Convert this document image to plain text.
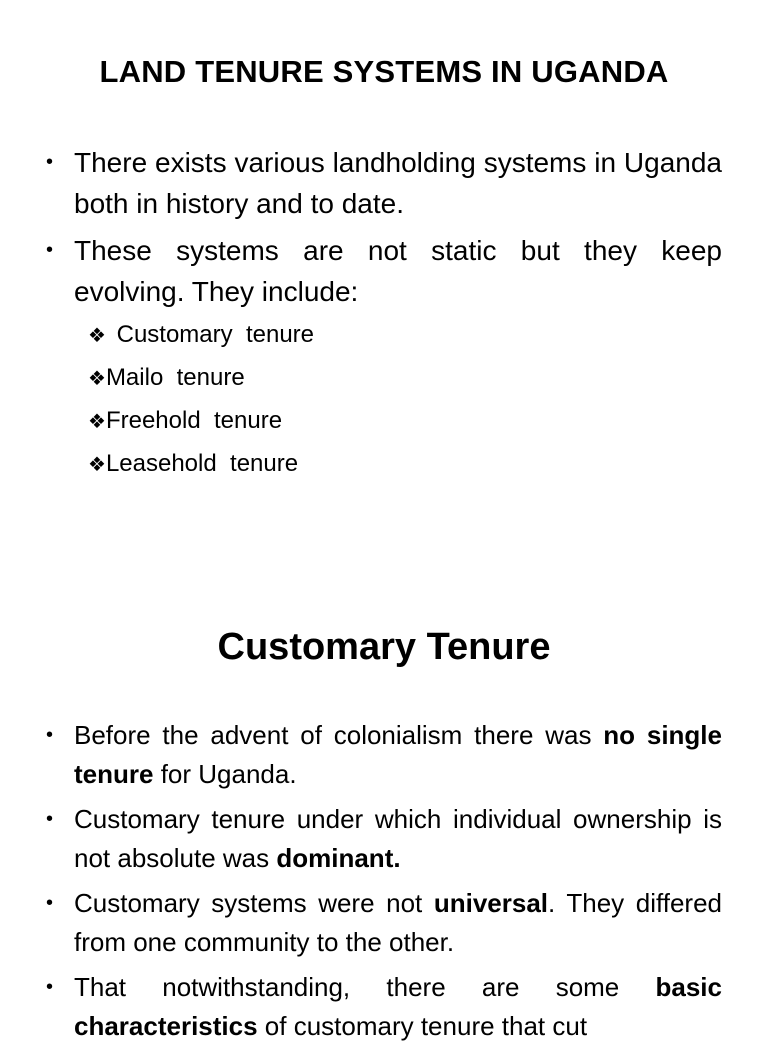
LAND TENURE SYSTEMS IN UGANDA
• There exists various landholding systems in Uganda both in history and to date.
• These systems are not static but they keep evolving. They include:
❖ Customary  tenure
❖Mailo  tenure
❖Freehold  tenure
❖Leasehold  tenure
Customary Tenure
• Before the advent of colonialism there was no single tenure for Uganda.
• Customary tenure under which individual ownership is not absolute was dominant.
• Customary systems were not universal. They differed from one community to the other.
• That notwithstanding, there are some basic characteristics of customary tenure that cut
